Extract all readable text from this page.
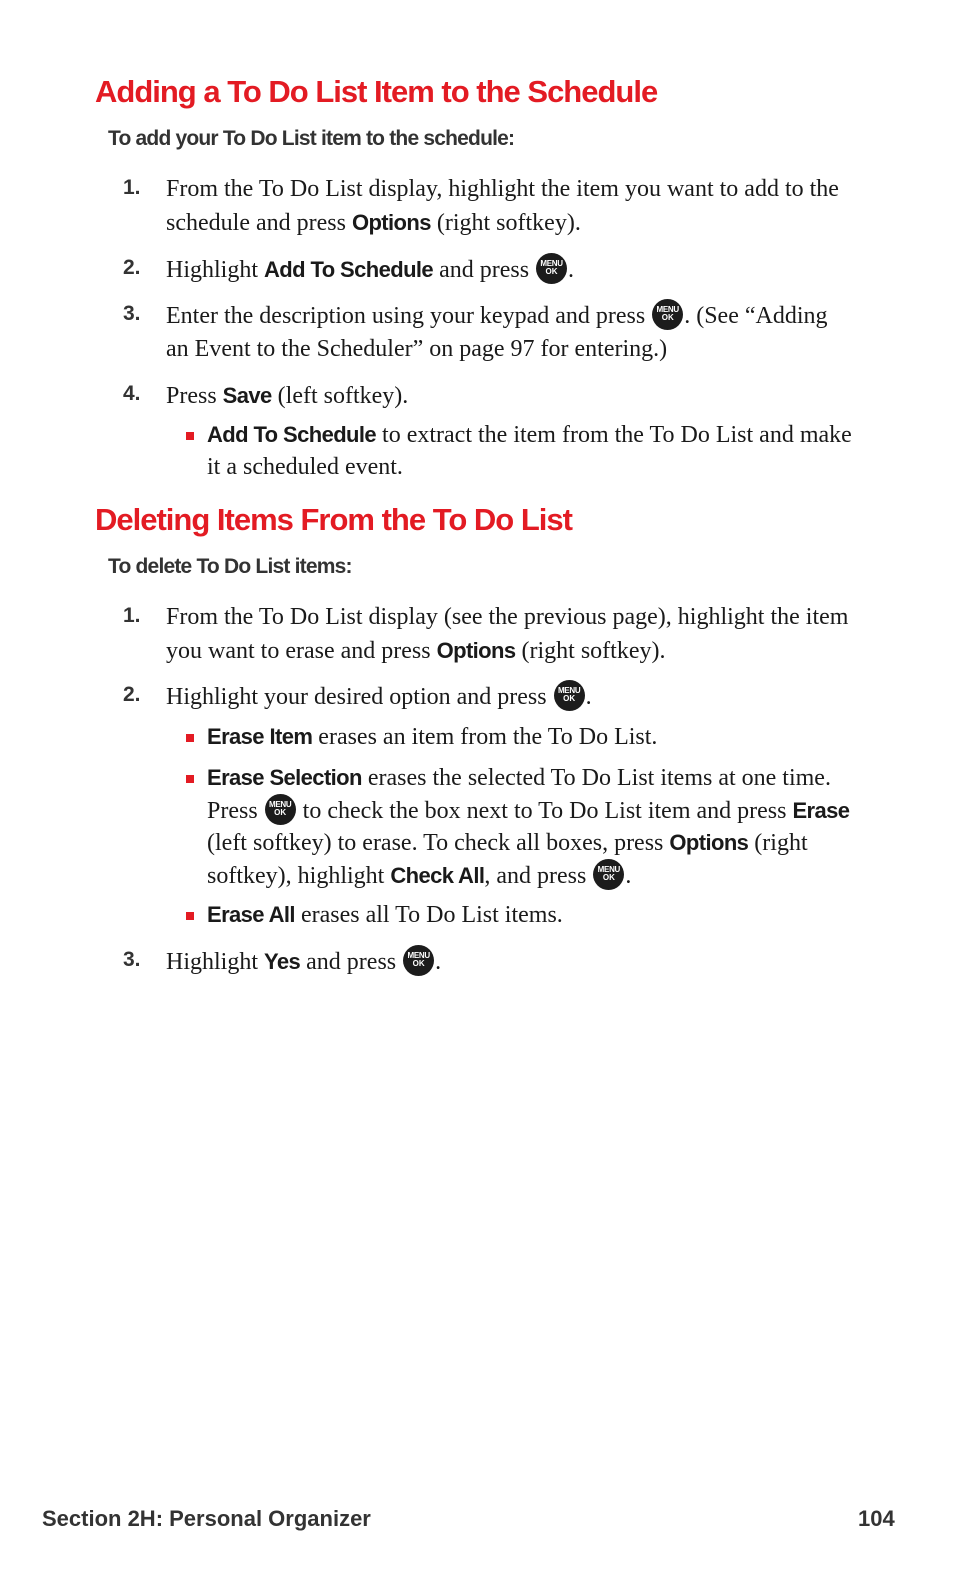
Adding a To Do List Item to the Schedule

To add your To Do List item to the schedule:

1. From the To Do List display, highlight the item you want to add to the schedule and press Options (right softkey).
2. Highlight Add To Schedule and press MENU
OK .
3. Enter the description using your keypad and press MENU
OK . (See “Adding an Event to the Scheduler” on page 97 for entering.)
4. Press Save (left softkey).
Add To Schedule to extract the item from the To Do List and make it a scheduled event.
Deleting Items From the To Do List

To delete To Do List items:

1. From the To Do List display (see the previous page), highlight the item you want to erase and press Options (right softkey).
2. Highlight your desired option and press MENU
OK .
Erase Item erases an item from the To Do List.
Erase Selection erases the selected To Do List items at one time. Press MENU
OK to check the box next to To Do List item and press Erase (left softkey) to erase. To check all boxes, press Options (right softkey), highlight Check All, and press MENU
OK .
Erase All erases all To Do List items.
3. Highlight Yes and press MENU
OK .
Section 2H: Personal Organizer	104
